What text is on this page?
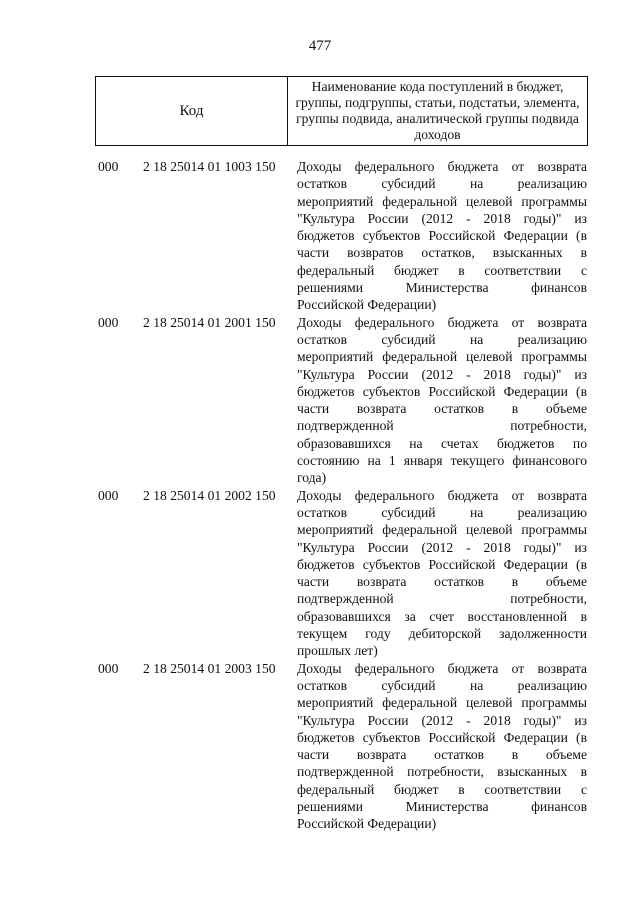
477
Код
Наименование кода поступлений в бюджет, группы, подгруппы, статьи, подстатьи, элемента, группы подвида, аналитической группы подвида доходов
000	2 18 25014 01 1003 150	Доходы федерального бюджета от возврата
остатков субсидий на реализацию
мероприятий федеральной целевой программы
"Культура России (2012 - 2018 годы)" из
бюджетов субъектов Российской Федерации (в
части возвратов остатков, взысканных в
федеральный бюджет в соответствии с
решениями Министерства финансов
Российской Федерации)
000	2 18 25014 01 2001 150	Доходы федерального бюджета от возврата
остатков субсидий на реализацию
мероприятий федеральной целевой программы
"Культура России (2012 - 2018 годы)" из
бюджетов субъектов Российской Федерации (в
части возврата остатков в объеме
подтвержденной потребности,
образовавшихся на счетах бюджетов по
состоянию на 1 января текущего финансового
года)
000	2 18 25014 01 2002 150	Доходы федерального бюджета от возврата
остатков субсидий на реализацию
мероприятий федеральной целевой программы
"Культура России (2012 - 2018 годы)" из
бюджетов субъектов Российской Федерации (в
части возврата остатков в объеме
подтвержденной потребности,
образовавшихся за счет восстановленной в
текущем году дебиторской задолженности
прошлых лет)
000	2 18 25014 01 2003 150	Доходы федерального бюджета от возврата
остатков субсидий на реализацию
мероприятий федеральной целевой программы
"Культура России (2012 - 2018 годы)" из
бюджетов субъектов Российской Федерации (в
части возврата остатков в объеме
подтвержденной потребности, взысканных в
федеральный бюджет в соответствии с
решениями Министерства финансов
Российской Федерации)
